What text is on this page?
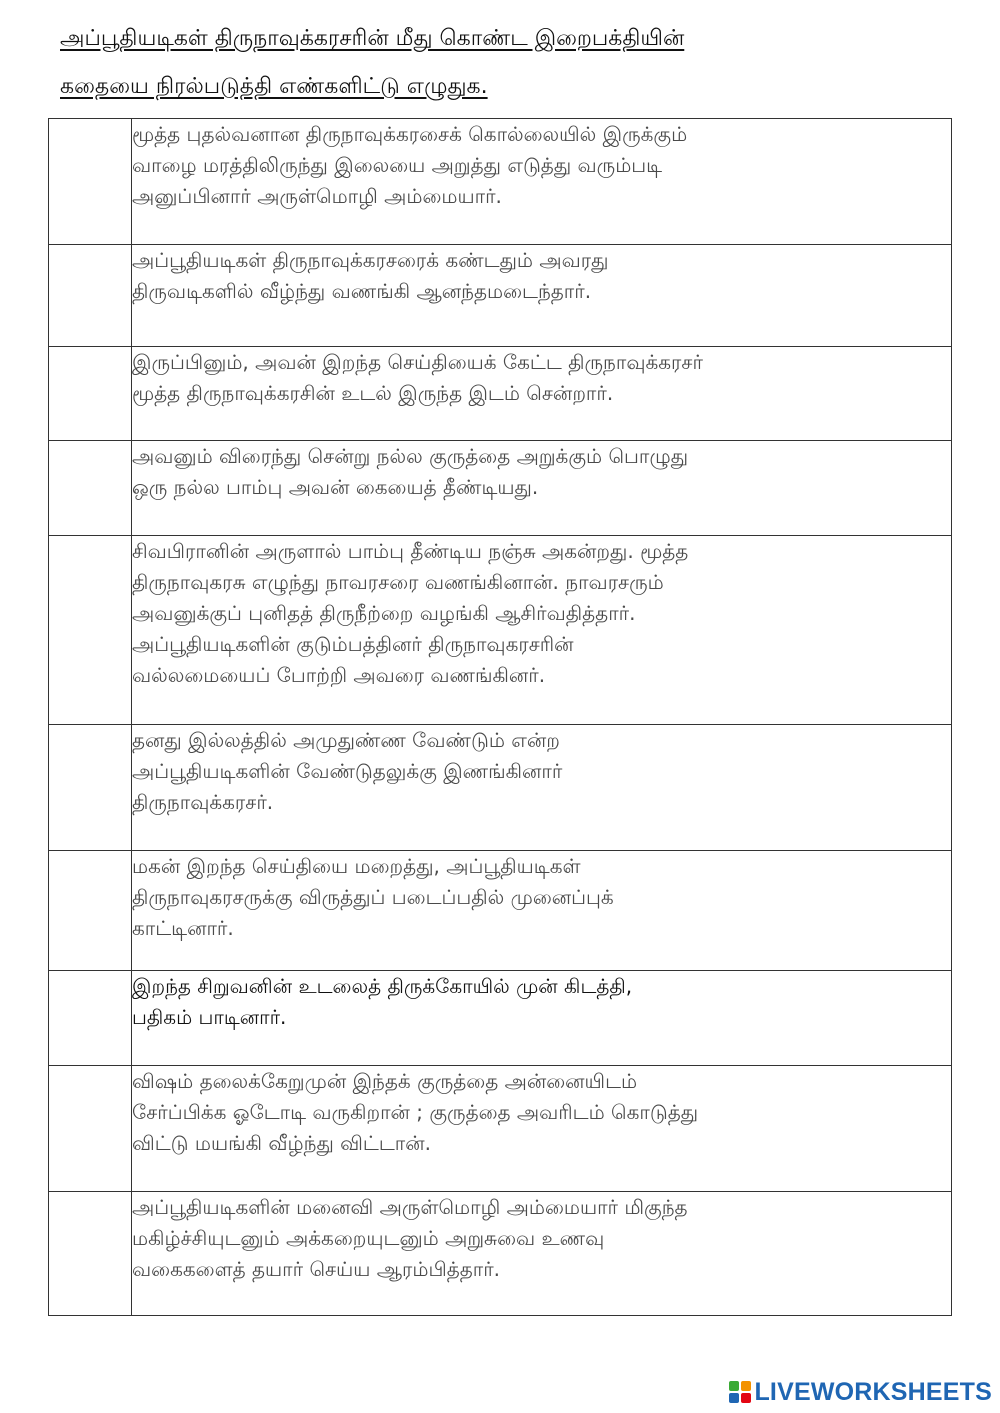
அப்பூதியடிகள் திருநாவுக்கரசரின் மீது கொண்ட இறைபக்தியின்
கதையை நிரல்படுத்தி எண்களிட்டு எழுதுக.

	மூத்த புதல்வனான திருநாவுக்கரசைக் கொல்லையில் இருக்கும்
வாழை மரத்திலிருந்து இலையை அறுத்து எடுத்து வரும்படி
அனுப்பினார் அருள்மொழி அம்மையார்.

	அப்பூதியடிகள் திருநாவுக்கரசரைக் கண்டதும் அவரது
திருவடிகளில் வீழ்ந்து வணங்கி ஆனந்தமடைந்தார்.

	இருப்பினும், அவன் இறந்த செய்தியைக் கேட்ட திருநாவுக்கரசர்
மூத்த திருநாவுக்கரசின் உடல் இருந்த இடம் சென்றார்.

	அவனும் விரைந்து சென்று நல்ல குருத்தை அறுக்கும் பொழுது
ஒரு நல்ல பாம்பு அவன் கையைத் தீண்டியது.

	சிவபிரானின் அருளால் பாம்பு தீண்டிய நஞ்சு அகன்றது. மூத்த
திருநாவுகரசு எழுந்து நாவரசரை வணங்கினான். நாவரசரும்
அவனுக்குப் புனிதத் திருநீற்றை வழங்கி ஆசிர்வதித்தார்.
அப்பூதியடிகளின் குடும்பத்தினர் திருநாவுகரசரின்
வல்லமையைப் போற்றி அவரை வணங்கினர்.

	தனது இல்லத்தில் அமுதுண்ண வேண்டும் என்ற
அப்பூதியடிகளின் வேண்டுதலுக்கு இணங்கினார்
திருநாவுக்கரசர்.

	மகன் இறந்த செய்தியை மறைத்து, அப்பூதியடிகள்
திருநாவுகரசருக்கு விருத்துப் படைப்பதில் முனைப்புக்
காட்டினார்.

	இறந்த சிறுவனின் உடலைத் திருக்கோயில் முன் கிடத்தி,
பதிகம் பாடினார்.

	விஷம் தலைக்கேறுமுன் இந்தக் குருத்தை அன்னையிடம்
சேர்ப்பிக்க ஓடோடி வருகிறான் ; குருத்தை அவரிடம் கொடுத்து
விட்டு மயங்கி வீழ்ந்து விட்டான்.

	அப்பூதியடிகளின் மனைவி அருள்மொழி அம்மையார் மிகுந்த
மகிழ்ச்சியுடனும் அக்கறையுடனும் அறுசுவை உணவு
வகைகளைத் தயார் செய்ய ஆரம்பித்தார்.
LIVEWORKSHEETS
